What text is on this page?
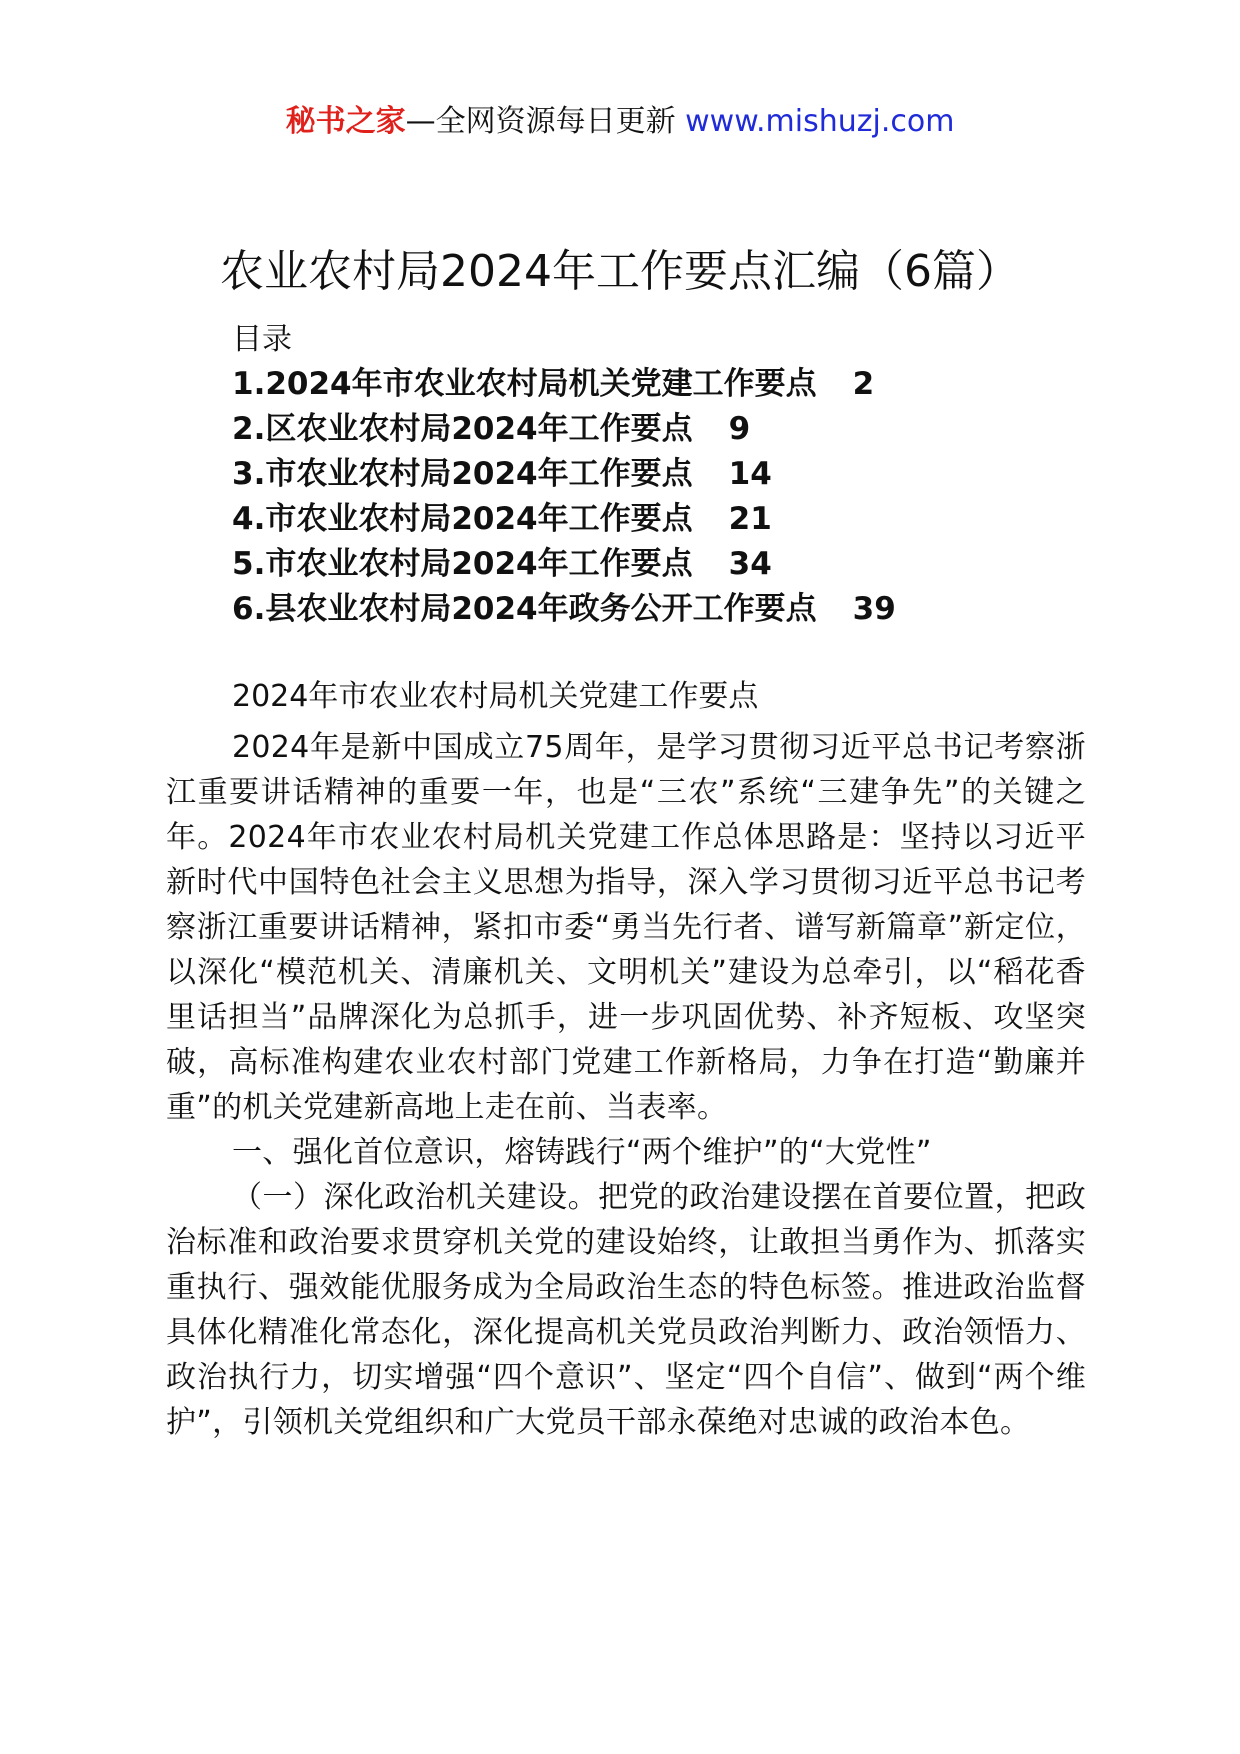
秘书之家—全网资源每日更新 www.mishuzj.com
农业农村局2024年工作要点汇编（6篇）
目录
1.2024年市农业农村局机关党建工作要点 2
2.区农业农村局2024年工作要点 9
3.市农业农村局2024年工作要点 14
4.市农业农村局2024年工作要点 21
5.市农业农村局2024年工作要点 34
6.县农业农村局2024年政务公开工作要点 39
2024年市农业农村局机关党建工作要点

2024年是新中国成立75周年，是学习贯彻习近平总书记考察浙江重要讲话精神的重要一年，也是“三农”系统“三建争先”的关键之年。2024年市农业农村局机关党建工作总体思路是：坚持以习近平新时代中国特色社会主义思想为指导，深入学习贯彻习近平总书记考察浙江重要讲话精神，紧扣市委“勇当先行者、谱写新篇章”新定位，以深化“模范机关、清廉机关、文明机关”建设为总牵引，以“稻花香里话担当”品牌深化为总抓手，进一步巩固优势、补齐短板、攻坚突破，高标准构建农业农村部门党建工作新格局，力争在打造“勤廉并重”的机关党建新高地上走在前、当表率。

一、强化首位意识，熔铸践行“两个维护”的“大党性”

（一）深化政治机关建设。把党的政治建设摆在首要位置，把政治标准和政治要求贯穿机关党的建设始终，让敢担当勇作为、抓落实重执行、强效能优服务成为全局政治生态的特色标签。推进政治监督具体化精准化常态化，深化提高机关党员政治判断力、政治领悟力、政治执行力，切实增强“四个意识”、坚定“四个自信”、做到“两个维护”，引领机关党组织和广大党员干部永葆绝对忠诚的政治本色。
